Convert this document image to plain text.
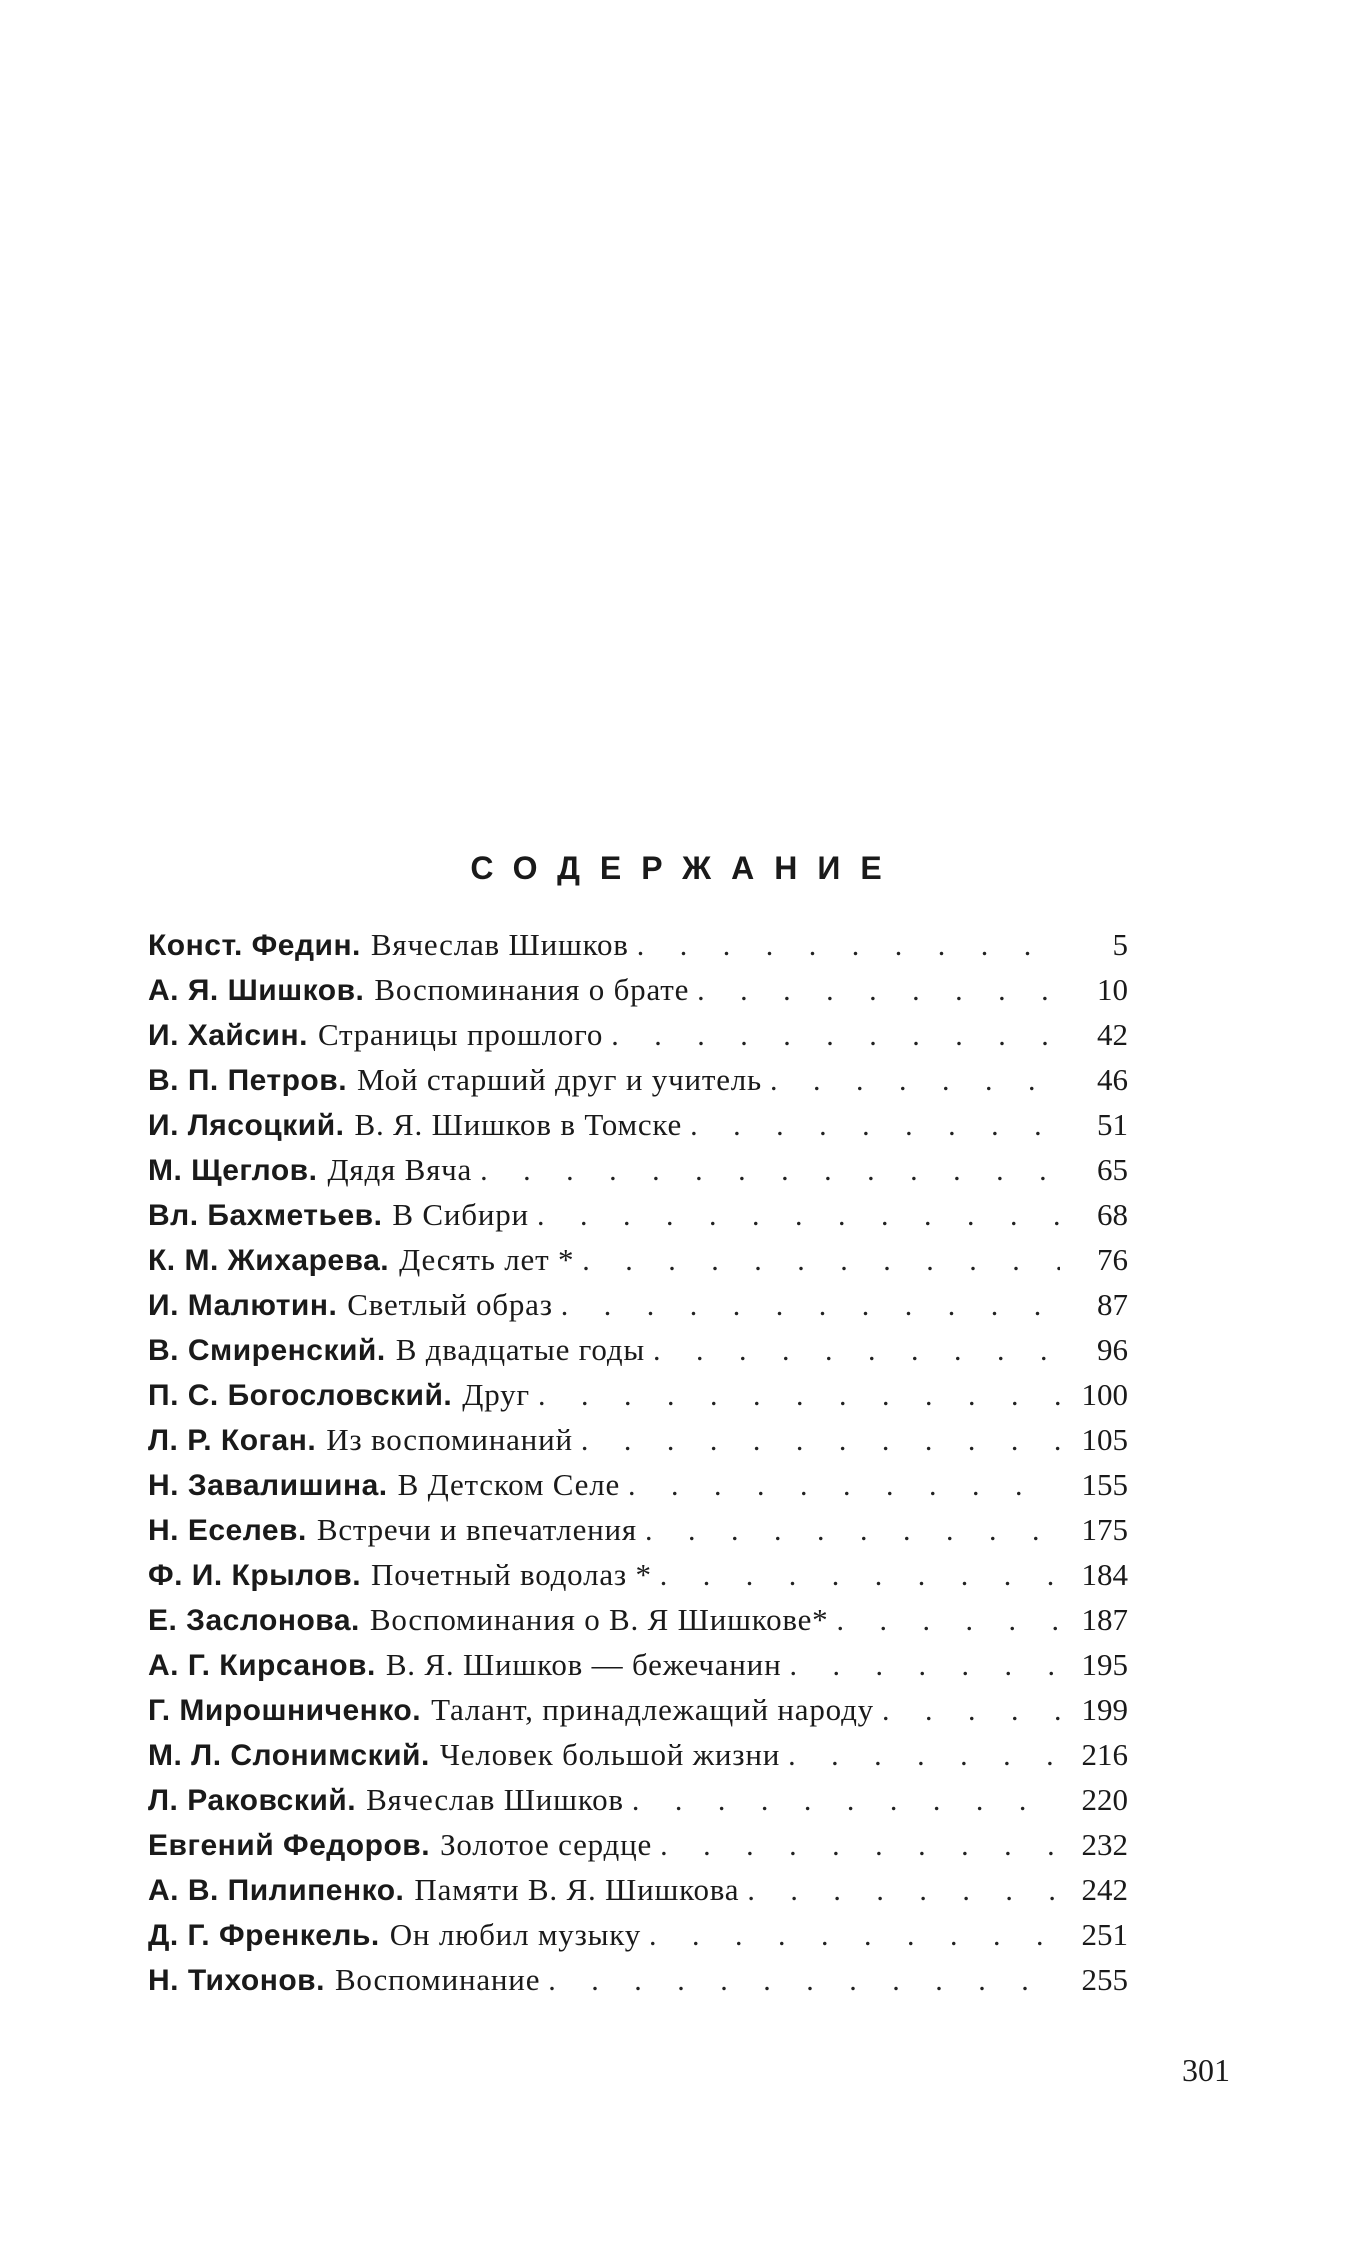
СОДЕРЖАНИЕ
Конст. Федин. Вячеслав Шишков . . .	5
А. Я. Шишков. Воспоминания о брате . . .	10
И. Хайсин. Страницы прошлого . . .	42
В. П. Петров. Мой старший друг и учитель . . .	46
И. Лясоцкий. В. Я. Шишков в Томске . . .	51
М. Щеглов. Дядя Вяча . . .	65
Вл. Бахметьев. В Сибири . . .	68
К. М. Жихарева. Десять лет * . . .	76
И. Малютин. Светлый образ . . .	87
В. Смиренский. В двадцатые годы . . .	96
П. С. Богословский. Друг . . .	100
Л. Р. Коган. Из воспоминаний . . .	105
Н. Завалишина. В Детском Селе . . .	155
Н. Еселев. Встречи и впечатления . . .	175
Ф. И. Крылов. Почетный водолаз * . . .	184
Е. Заслонова. Воспоминания о В. Я Шишкове* . . .	187
А. Г. Кирсанов. В. Я. Шишков — бежечанин . . .	195
Г. Мирошниченко. Талант, принадлежащий народу . . .	199
М. Л. Слонимский. Человек большой жизни . . .	216
Л. Раковский. Вячеслав Шишков . . .	220
Евгений Федоров. Золотое сердце . . .	232
А. В. Пилипенко. Памяти В. Я. Шишкова . . .	242
Д. Г. Френкель. Он любил музыку . . .	251
Н. Тихонов. Воспоминание . . .	255
301
